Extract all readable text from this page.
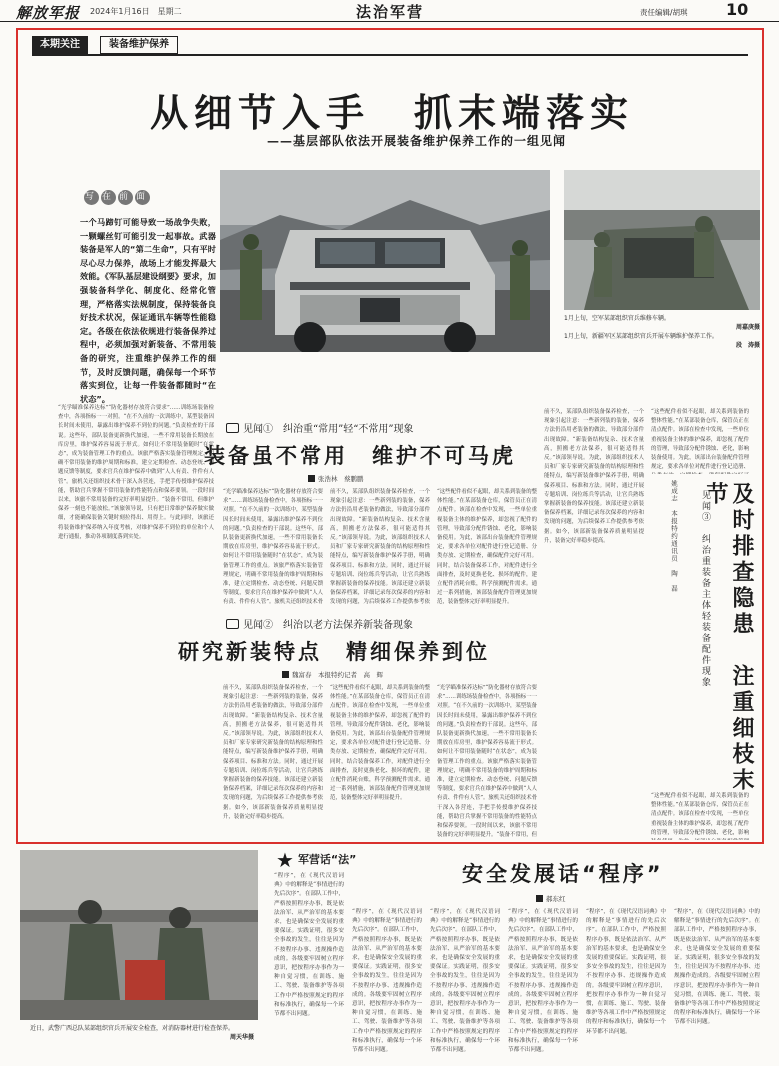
解放军报 2024年1月16日　星期二	法治军营	责任编辑/胡琪 10
本期关注	装备维护保养
从细节入手　抓末端落实
——基层部队依法开展装备维护保养工作的一组见闻
写 在 前 面
一个马蹄钉可能导致一场战争失败，一颗螺丝钉可能引发一起事故。武器装备是军人的“第二生命”，只有平时尽心尽力保养，战场上才能发挥最大效能。《军队基层建设纲要》要求，加强装备科学化、制度化、经常化管理，严格落实法规制度，保持装备良好技术状况，保证通讯车辆等性能稳定。各级在依法依规进行装备保养过程中，必须加强对新装备、不常用装备的研究，注重维护保养工作的细节，及时反馈问题，确保每一个环节落实到位，让每一件装备都随时“在状态”。
1月上旬，空军某部组织官兵维修车辆。
周嘉庚摄
1月上旬，新疆军区某部组织官兵开展车辆维护保养工作。
段　涛摄
“光学瞄准保养达标”“防化器材存放符合要求”……训练场装备检查中，各项指标一一对照。“在不久前的一次训练中，某型装备因长时间未使用，暴露出维护保养不到位的问题。”负责检查的干部说。这些年，部队装备更新换代加速，一些不常用装备长期放在库房里，维护保养容易流于形式。如何让不常用装备随时“在状态”，成为装备管理工作的重点。该旅严格落实装备管理规定，明确不常用装备的维护周期和标准，建立定期检查、动态登统、问题反馈等制度，要求官兵在维护保养中做到“人人有责、件件有人管”。旅机关还组织技术骨干深入各营连，手把手传授维护保养技能，帮助官兵掌握不常用装备的性能特点和保养要领。一段时间以来，该旅不常用装备的完好率明显提升。“装备不常用，但维护保养一刻也不能放松。”该旅领导说，只有把日常维护保养做实做细，才能确保装备关键时刻拉得出、用得上。与此同时，该旅还将装备维护保养纳入年度考核，对维护保养不到位的单位和个人进行通报，推动各项制度落到实处。
见闻①　纠治重“常用”轻“不常用”现象
装备虽不常用　维护不可马虎
张浩林　蔡鹏鹏
“光学瞄准保养达标”“防化器材存放符合要求”……训练场装备检查中，各项指标一一对照。“在不久前的一次训练中，某型装备因长时间未使用，暴露出维护保养不到位的问题。”负责检查的干部说。这些年，部队装备更新换代加速，一些不常用装备长期放在库房里，维护保养容易流于形式。如何让不常用装备随时“在状态”，成为装备管理工作的重点。该旅严格落实装备管理规定，明确不常用装备的维护周期和标准，建立定期检查、动态登统、问题反馈等制度，要求官兵在维护保养中做到“人人有责、件件有人管”。旅机关还组织技术骨
前不久，某部队组织装备保养检查，一个现象引起注意：一些新列装的装备，保养方法仍沿用老装备的做法，导致部分部件出现故障。“新装备结构复杂、技术含量高，照搬老方法保养，很可能适得其反。”该部领导说。为此，该部组织技术人员和厂家专家研究新装备的结构原理和性能特点，编写新装备维护保养手册，明确保养项目、标准和方法。同时，通过开展专题培训、岗位练兵等活动，让官兵熟练掌握新装备的保养技能。该部还建立新装备保养档案，详细记录每次保养的内容和发现的问题，为后续保养工作提供参考依
“这些配件看似不起眼，却关系到装备的整体性能。”在某部装备仓库，保管员正在清点配件。该部在检查中发现，一些单位重视装备主体的维护保养，却忽视了配件的管理，导致部分配件锈蚀、老化，影响装备使用。为此，该部出台装备配件管理规定，要求各单位对配件进行登记造册、分类存放、定期检查，确保配件完好可用。同时，结合装备保养工作，对配件进行全面排查，及时更换老化、损坏的配件，建立配件消耗台账，科学预测配件需求。通过一系列措施，该部装备配件管理更加规范，装备整体完好率明显提升。
前不久，某部队组织装备保养检查，一个现象引起注意：一些新列装的装备，保养方法仍沿用老装备的做法，导致部分部件出现故障。“新装备结构复杂、技术含量高，照搬老方法保养，很可能适得其反。”该部领导说。为此，该部组织技术人员和厂家专家研究新装备的结构原理和性能特点，编写新装备维护保养手册，明确保养项目、标准和方法。同时，通过开展专题培训、岗位练兵等活动，让官兵熟练掌握新装备的保养技能。该部还建立新装备保养档案，详细记录每次保养的内容和发现的问题，为后续保养工作提供参考依据。如今，该部新装备保养质量明显提升，装备完好率稳步提高。
“这些配件看似不起眼，却关系到装备的整体性能。”在某部装备仓库，保管员正在清点配件。该部在检查中发现，一些单位重视装备主体的维护保养，却忽视了配件的管理，导致部分配件锈蚀、老化，影响装备使用。为此，该部出台装备配件管理规定，要求各单位对配件进行登记造册、
见闻②　纠治以老方法保养新装备现象
研究新装特点　精细保养到位
魏富春　本报特约记者　高　辉
前不久，某部队组织装备保养检查，一个现象引起注意：一些新列装的装备，保养方法仍沿用老装备的做法，导致部分部件出现故障。“新装备结构复杂、技术含量高，照搬老方法保养，很可能适得其反。”该部领导说。为此，该部组织技术人员和厂家专家研究新装备的结构原理和性能特点，编写新装备维护保养手册，明确保养项目、标准和方法。同时，通过开展专题培训、岗位练兵等活动，让官兵熟练掌握新装备的保养技能。该部还建立新装备保养档案，详细记录每次保养的内容和发现的问题，为后续保养工作提供参考依据。如今，该部新装备保养质量明显提升，装备完好率稳步提高。
“这些配件看似不起眼，却关系到装备的整体性能。”在某部装备仓库，保管员正在清点配件。该部在检查中发现，一些单位重视装备主体的维护保养，却忽视了配件的管理，导致部分配件锈蚀、老化，影响装备使用。为此，该部出台装备配件管理规定，要求各单位对配件进行登记造册、分类存放、定期检查，确保配件完好可用。同时，结合装备保养工作，对配件进行全面排查，及时更换老化、损坏的配件，建立配件消耗台账，科学预测配件需求。通过一系列措施，该部装备配件管理更加规范，装备整体完好率明显提升。
“光学瞄准保养达标”“防化器材存放符合要求”……训练场装备检查中，各项指标一一对照。“在不久前的一次训练中，某型装备因长时间未使用，暴露出维护保养不到位的问题。”负责检查的干部说。这些年，部队装备更新换代加速，一些不常用装备长期放在库房里，维护保养容易流于形式。如何让不常用装备随时“在状态”，成为装备管理工作的重点。该旅严格落实装备管理规定，明确不常用装备的维护周期和标准，建立定期检查、动态登统、问题反馈等制度，要求官兵在维护保养中做到“人人有责、件件有人管”。旅机关还组织技术骨干深入各营连，手把手传授维护保养技能，帮助官兵掌握不常用装备的性能特点和保养要领。一段时间以来，该旅不常用装备的完好率明显提升。“装备不常用，但
及时排查隐患　注重细枝末节
见闻③　纠治重装备主体轻装备配件现象
姚成志　本报特约通讯员　陶　磊
“这些配件看似不起眼，却关系到装备的整体性能。”在某部装备仓库，保管员正在清点配件。该部在检查中发现，一些单位重视装备主体的维护保养，却忽视了配件的管理，导致部分配件锈蚀、老化，影响
近日，武警广西总队某部组织官兵开展安全检查，对消防器材进行检查保养。
周天华摄
★ 军营话“法”
安全发展话“程序”
郝东红
“程序”，在《现代汉语词典》中的解释是“事情进行的先后次序”。在部队工作中，严格按照程序办事，既是依法治军、从严治军的基本要求，也是确保安全发展的重要保证。实践证明，很多安全事故的发生，往往是因为不按程序办事、违规操作造成的。各级要牢固树立程序意识，把按程序办事作为一种自觉习惯，在训练、施工、驾驶、装备维护等各项工作中严格按照规定的程序和标准执行，确保每一个环节都不出问题。
“程序”，在《现代汉语词典》中的解释是“事情进行的先后次序”。在部队工作中，严格按照程序办事，既是依法治军、从严治军的基本要求，也是确保安全发展的重要保证。实践证明，很多安全事故的发生，往往是因为不按程序办事、违规操作造成的。各级要牢固树立程序意识，把按程序办事作为一种自觉习惯，在训练、施工、驾驶、装备维护等各项工作中严格按照规定的程序和标准执行，确保每一个环节都不出问题。
“程序”，在《现代汉语词典》中的解释是“事情进行的先后次序”。在部队工作中，严格按照程序办事，既是依法治军、从严治军的基本要求，也是确保安全发展的重要保证。实践证明，很多安全事故的发生，往往是因为不按程序办事、违规操作造成的。各级要牢固树立程序意识，把按程序办事作为一种自觉习惯，在训练、施工、驾驶、装备维护等各项工作中严格按照规定的程序和标准执行，确保每一个环节都不出问题。
“程序”，在《现代汉语词典》中的解释是“事情进行的先后次序”。在部队工作中，严格按照程序办事，既是依法治军、从严治军的基本要求，也是确保安全发展的重要保证。实践证明，很多安全事故的发生，往往是因为不按程序办事、违规操作造成的。各级要牢固树立程序意识，把按程序办事作为一种自觉习惯，在训练、施工、驾驶、装备维护等各项工作中严格按照规定的程序和标准执行，确保每一个环节都不出问题。
“程序”，在《现代汉语词典》中的解释是“事情进行的先后次序”。在部队工作中，严格按照程序办事，既是依法治军、从严治军的基本要求，也是确保安全发展的重要保证。实践证明，很多安全事故的发生，往往是因为不按程序办事、违规操作造成的。各级要牢固树立程序意识，把按程序办事作为一种自觉习惯，在训练、施工、驾驶、装备维护等各项工作中严格按照规定的程序和标准执行，确保每一个环节都不出问题。
“程序”，在《现代汉语词典》中的解释是“事情进行的先后次序”。在部队工作中，严格按照程序办事，既是依法治军、从严治军的基本要求，也是确保安全发展的重要保证。实践证明，很多安全事故的发生，往往是因为不按程序办事、违规操作造成的。各级要牢固树立程序意识，把按程序办事作为一种自觉习惯，在训练、施工、驾驶、装备维护等各项工作中严格按照规定的程序和标准执行，确保每一个环节都不出问题。
